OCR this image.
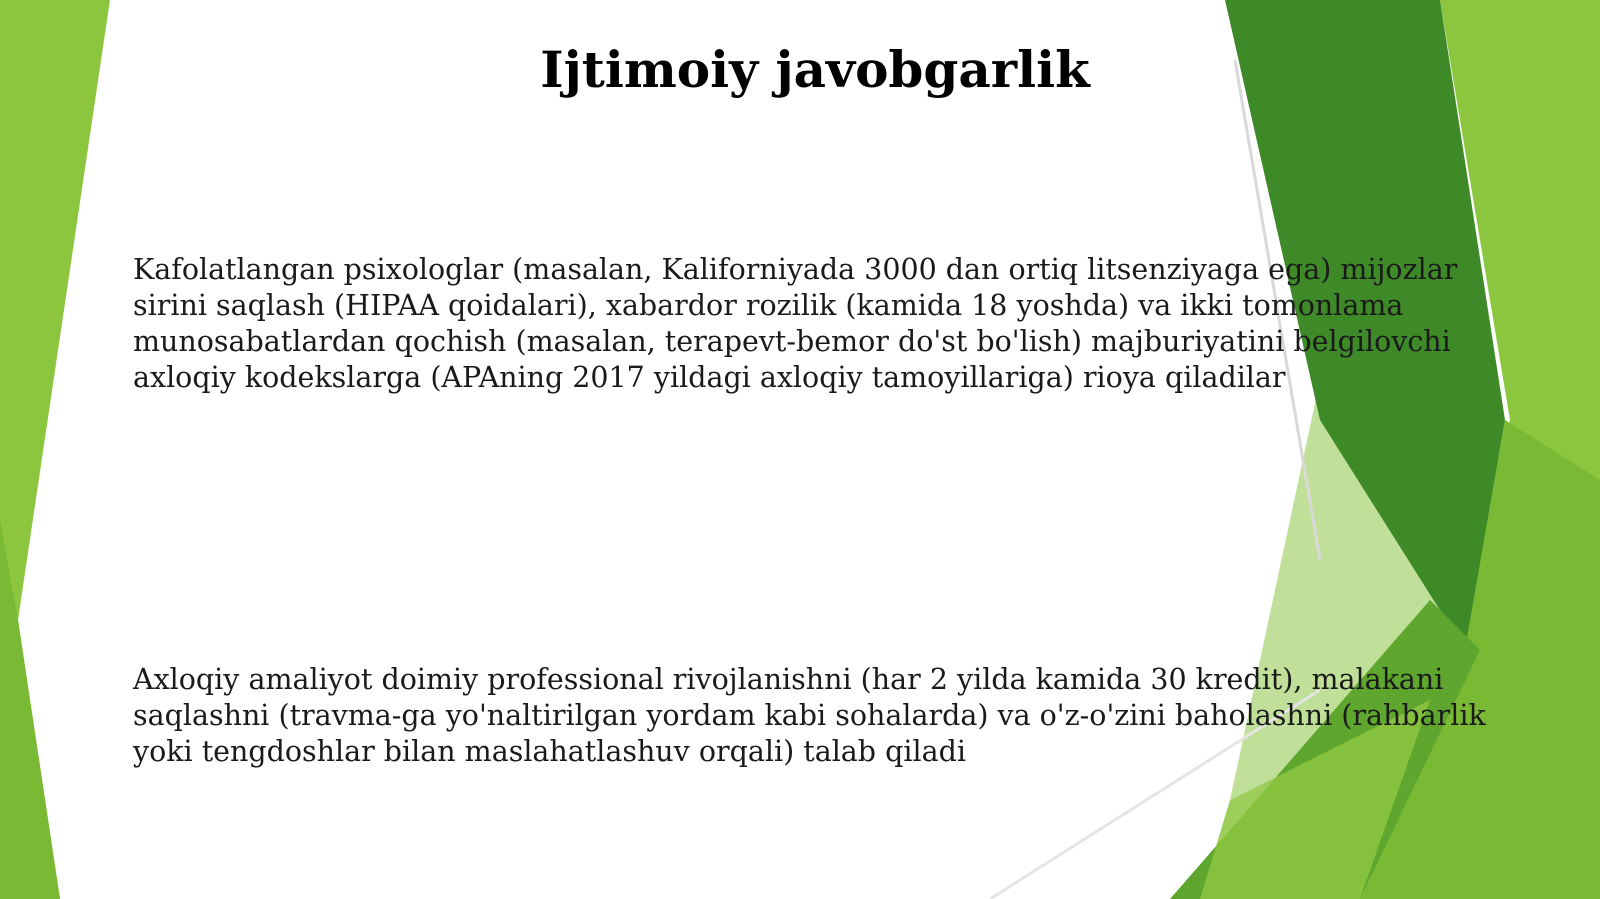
Ijtimoiy javobgarlik

Kafolatlangan psixologlar (masalan, Kaliforniyada 3000 dan ortiq litsenziyaga ega) mijozlar sirini saqlash (HIPAA qoidalari), xabardor rozilik (kamida 18 yoshda) va ikki tomonlama munosabatlardan qochish (masalan, terapevt-bemor do'st bo'lish) majburiyatini belgilovchi axloqiy kodekslarga (APAning 2017 yildagi axloqiy tamoyillariga) rioya qiladilar

Axloqiy amaliyot doimiy professional rivojlanishni (har 2 yilda kamida 30 kredit), malakani saqlashni (travma-ga yo'naltirilgan yordam kabi sohalarda) va o'z-o'zini baholashni (rahbarlik yoki tengdoshlar bilan maslahatlashuv orqali) talab qiladi
